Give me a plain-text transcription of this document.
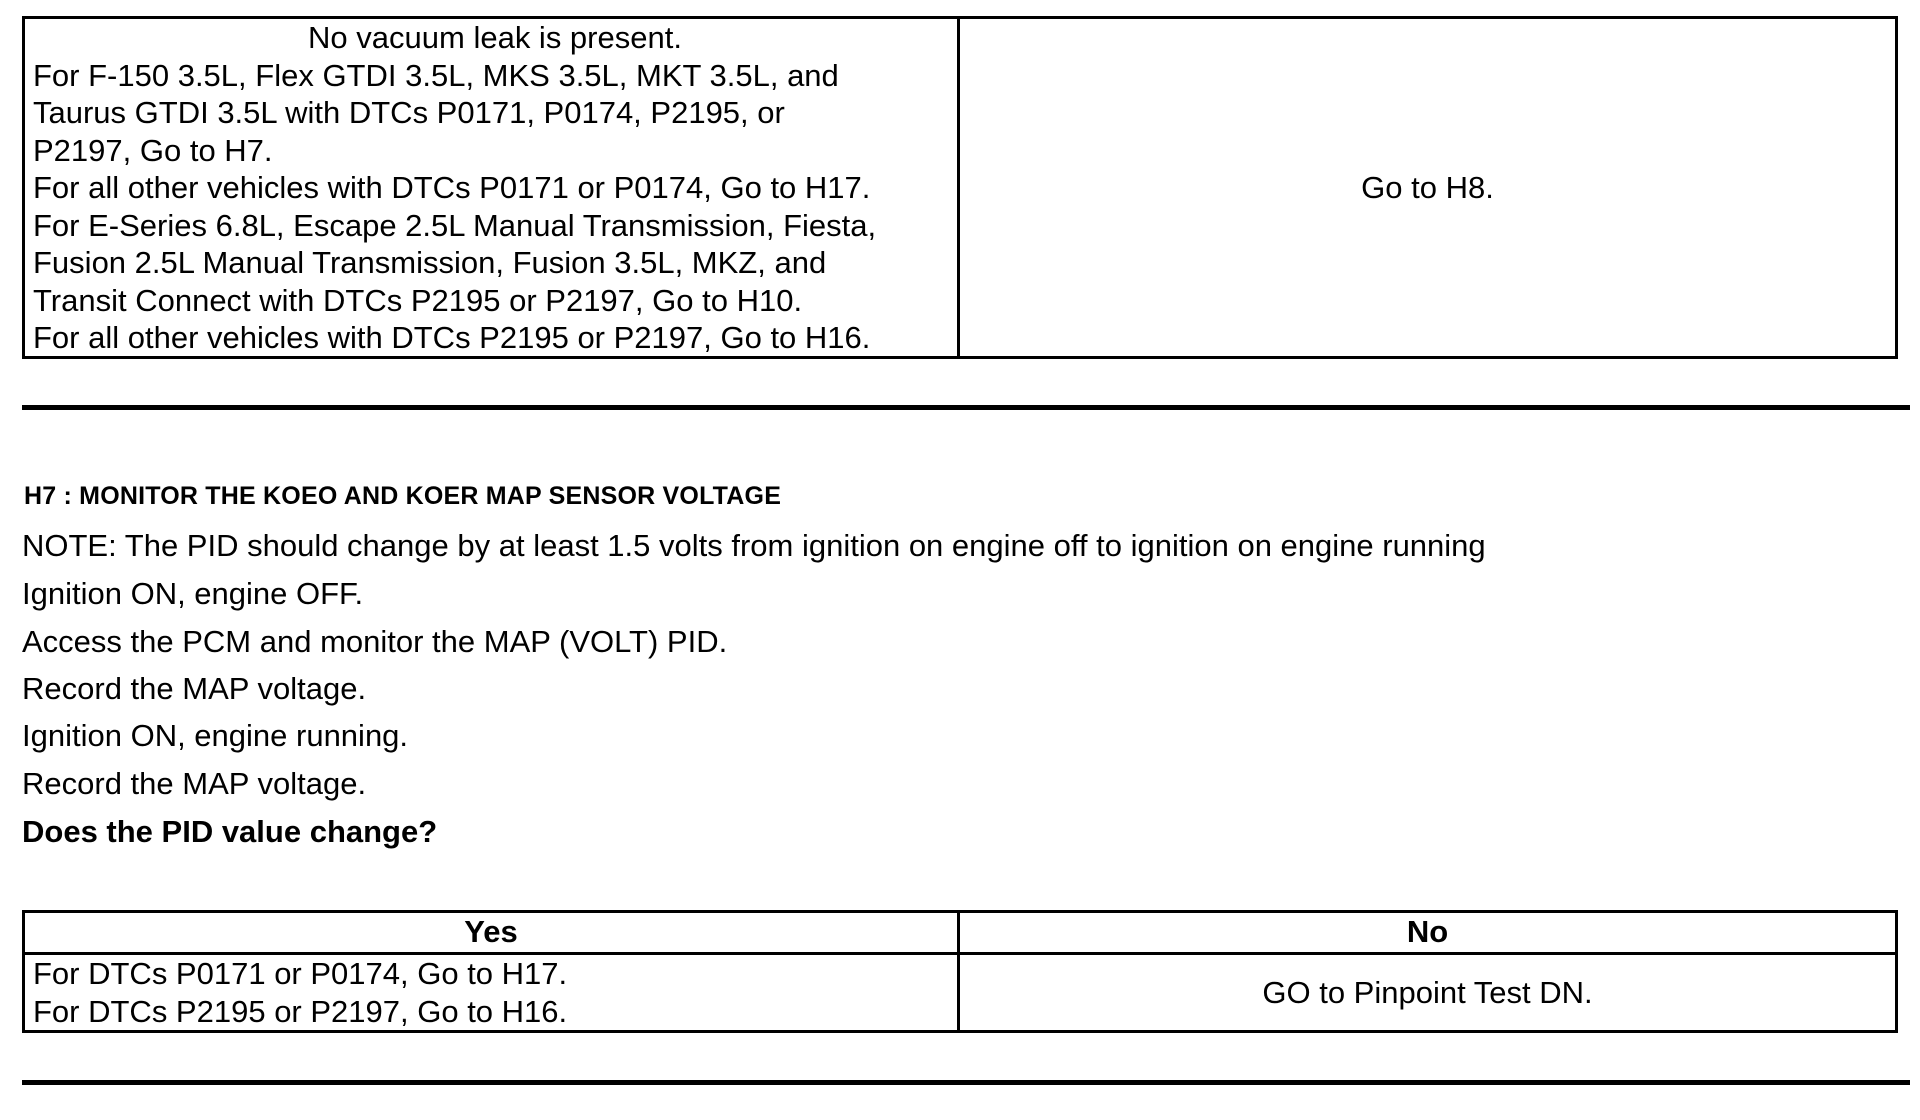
No vacuum leak is present.
For F-150 3.5L, Flex GTDI 3.5L, MKS 3.5L, MKT 3.5L, and
Taurus GTDI 3.5L with DTCs P0171, P0174, P2195, or
P2197, Go to H7.
For all other vehicles with DTCs P0171 or P0174, Go to H17.
For E-Series 6.8L, Escape 2.5L Manual Transmission, Fiesta,
Fusion 2.5L Manual Transmission, Fusion 3.5L, MKZ, and
Transit Connect with DTCs P2195 or P2197, Go to H10.
For all other vehicles with DTCs P2195 or P2197, Go to H16.
Go to H8.
H7 : MONITOR THE KOEO AND KOER MAP SENSOR VOLTAGE
NOTE: The PID should change by at least 1.5 volts from ignition on engine off to ignition on engine running
Ignition ON, engine OFF.
Access the PCM and monitor the MAP (VOLT) PID.
Record the MAP voltage.
Ignition ON, engine running.
Record the MAP voltage.
Does the PID value change?
Yes	No
For DTCs P0171 or P0174, Go to H17.
For DTCs P2195 or P2197, Go to H16.
GO to Pinpoint Test DN.
